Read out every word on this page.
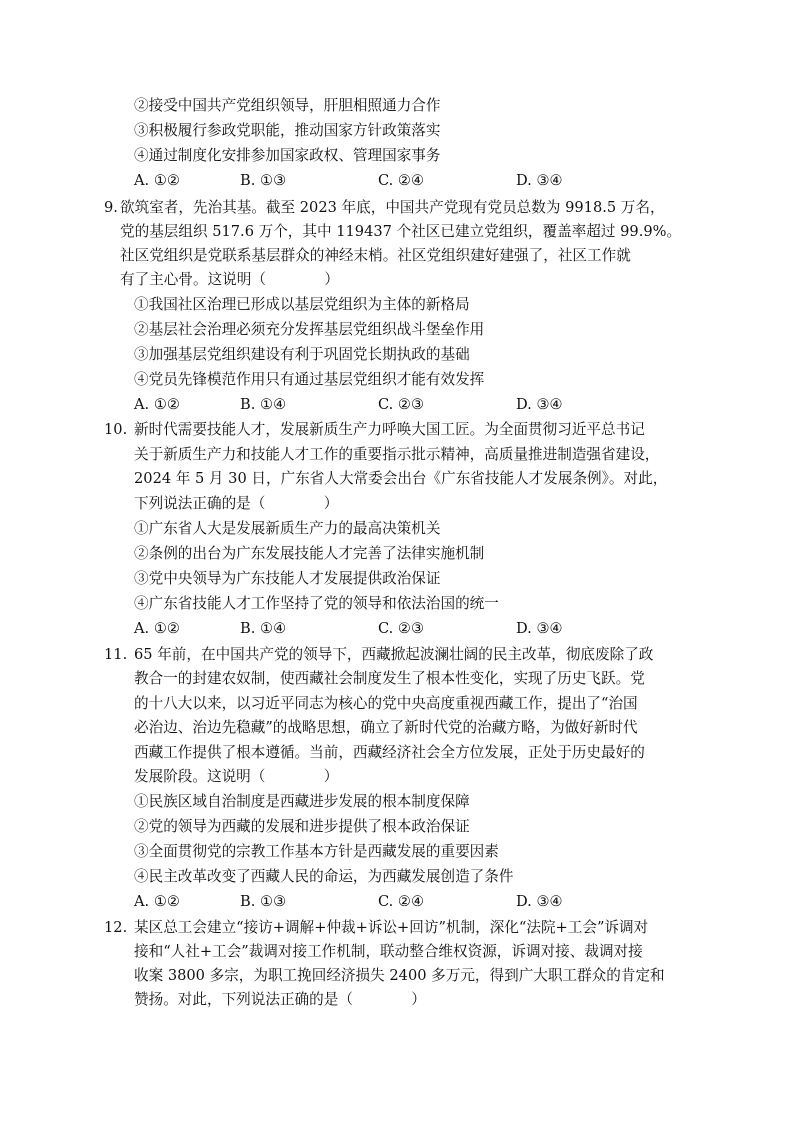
②接受中国共产党组织领导，肝胆相照通力合作
③积极履行参政党职能，推动国家方针政策落实
④通过制度化安排参加国家政权、管理国家事务
A. ①②	B. ①③	C. ②④	D. ③④
9. 欲筑室者，先治其基。截至 2023 年底，中国共产党现有党员总数为 9918.5 万名，
党的基层组织 517.6 万个，其中 119437 个社区已建立党组织，覆盖率超过 99.9%。
社区党组织是党联系基层群众的神经末梢。社区党组织建好建强了，社区工作就
有了主心骨。这说明（　　　　）
①我国社区治理已形成以基层党组织为主体的新格局
②基层社会治理必须充分发挥基层党组织战斗堡垒作用
③加强基层党组织建设有利于巩固党长期执政的基础
④党员先锋模范作用只有通过基层党组织才能有效发挥
A. ①②	B. ①④	C. ②③	D. ③④
10. 新时代需要技能人才，发展新质生产力呼唤大国工匠。为全面贯彻习近平总书记
关于新质生产力和技能人才工作的重要指示批示精神，高质量推进制造强省建设，
2024 年 5 月 30 日，广东省人大常委会出台《广东省技能人才发展条例》。对此，
下列说法正确的是（　　　　）
①广东省人大是发展新质生产力的最高决策机关
②条例的出台为广东发展技能人才完善了法律实施机制
③党中央领导为广东技能人才发展提供政治保证
④广东省技能人才工作坚持了党的领导和依法治国的统一
A. ①②	B. ①④	C. ②③	D. ③④
11. 65 年前，在中国共产党的领导下，西藏掀起波澜壮阔的民主改革，彻底废除了政
教合一的封建农奴制，使西藏社会制度发生了根本性变化，实现了历史飞跃。党
的十八大以来，以习近平同志为核心的党中央高度重视西藏工作，提出了“治国
必治边、治边先稳藏”的战略思想，确立了新时代党的治藏方略，为做好新时代
西藏工作提供了根本遵循。当前，西藏经济社会全方位发展，正处于历史最好的
发展阶段。这说明（　　　　）
①民族区域自治制度是西藏进步发展的根本制度保障
②党的领导为西藏的发展和进步提供了根本政治保证
③全面贯彻党的宗教工作基本方针是西藏发展的重要因素
④民主改革改变了西藏人民的命运，为西藏发展创造了条件
A. ①②	B. ①③	C. ②④	D. ③④
12. 某区总工会建立“接访+调解+仲裁+诉讼+回访”机制，深化“法院+工会”诉调对
接和“人社+工会”裁调对接工作机制，联动整合维权资源，诉调对接、裁调对接
收案 3800 多宗，为职工挽回经济损失 2400 多万元，得到广大职工群众的肯定和
赞扬。对此，下列说法正确的是（　　　　）
